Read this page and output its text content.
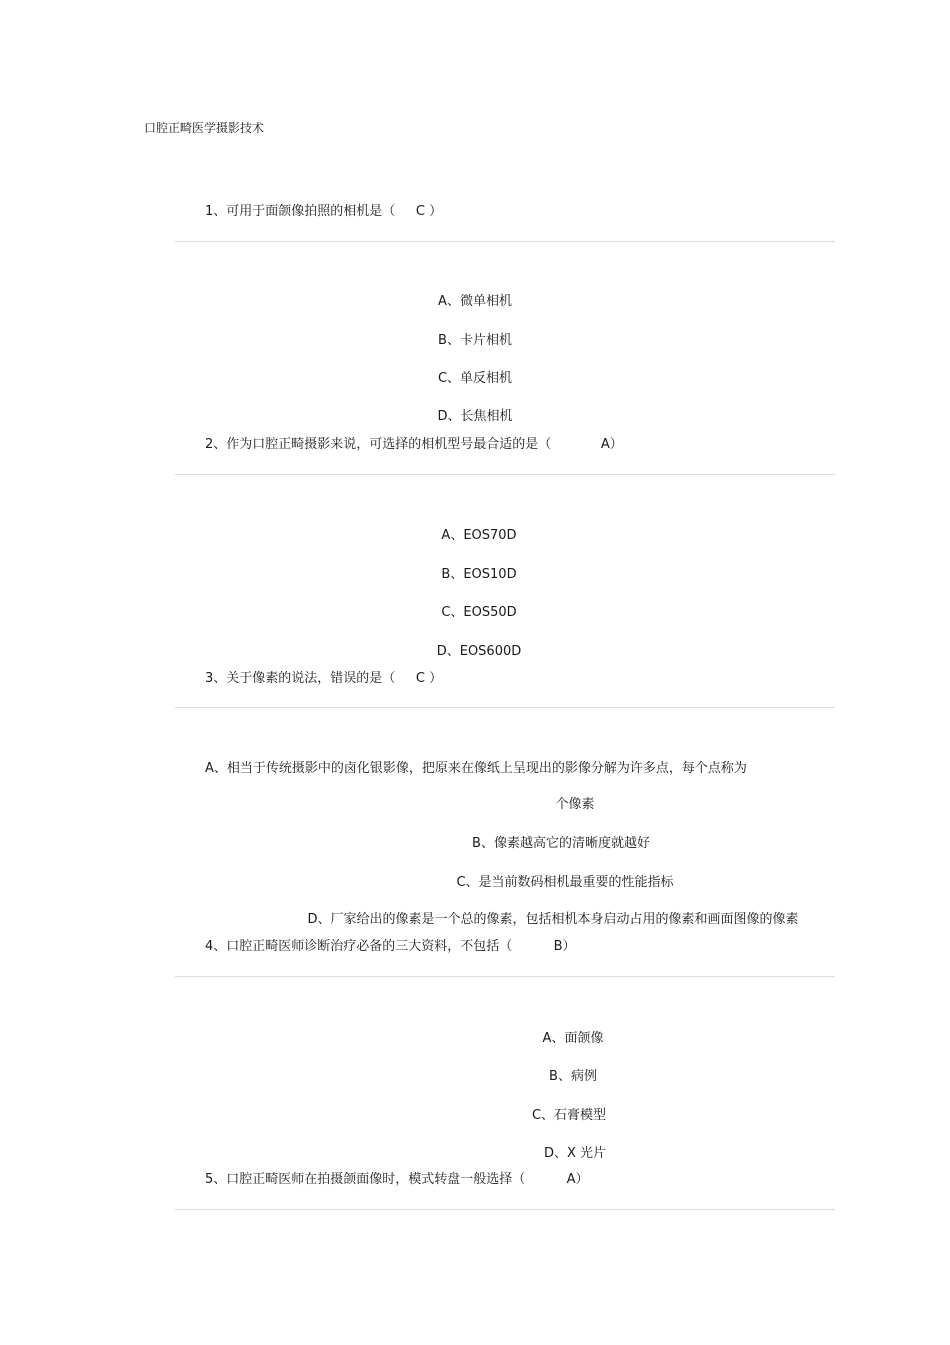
口腔正畸医学摄影技术
1、可用于面颌像拍照的相机是（     C ）
A、微单相机
B、卡片相机
C、单反相机
D、长焦相机
2、作为口腔正畸摄影来说，可选择的相机型号最合适的是（            A）
A、EOS70D
B、EOS10D
C、EOS50D
D、EOS600D
3、关于像素的说法，错误的是（     C ）
A、相当于传统摄影中的卤化银影像，把原来在像纸上呈现出的影像分解为许多点，每个点称为
个像素
B、像素越高它的清晰度就越好
C、是当前数码相机最重要的性能指标
D、厂家给出的像素是一个总的像素，包括相机本身启动占用的像素和画面图像的像素
4、口腔正畸医师诊断治疗必备的三大资料，不包括（          B）
A、面颌像
B、病例
C、石膏模型
D、X 光片
5、口腔正畸医师在拍摄颌面像时，模式转盘一般选择（          A）
